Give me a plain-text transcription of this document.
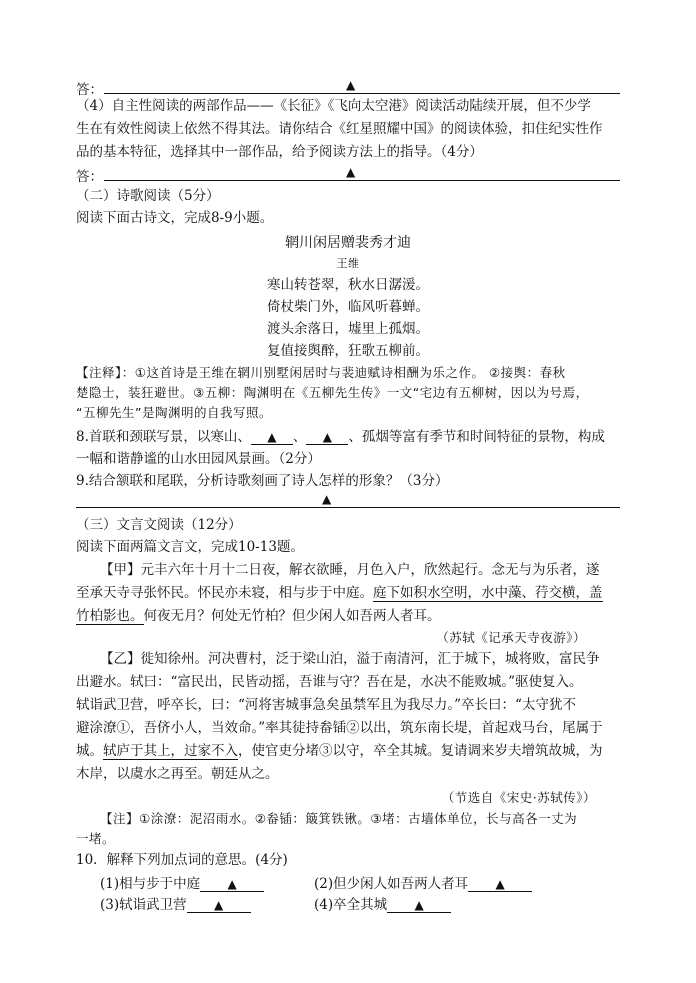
答：	▲
（4）自主性阅读的两部作品——《长征》《飞向太空港》阅读活动陆续开展，但不少学
生在有效性阅读上依然不得其法。请你结合《红星照耀中国》的阅读体验，扣住纪实性作
品的基本特征，选择其中一部作品，给予阅读方法上的指导。（4分）
答：	▲
（二）诗歌阅读（5分）
阅读下面古诗文，完成8-9小题。
辋川闲居赠裴秀才迪
王维
寒山转苍翠，秋水日潺湲。
倚杖柴门外，临风听暮蝉。
渡头余落日，墟里上孤烟。
复值接舆醉，狂歌五柳前。
【注释】：①这首诗是王维在辋川别墅闲居时与裴迪赋诗相酬为乐之作。 ②接舆：春秋
楚隐士，装狂避世。③五柳：陶渊明在《五柳先生传》一文“宅边有五柳树，因以为号焉，
“五柳先生”是陶渊明的自我写照。
8.首联和颈联写景，以寒山、 ▲ 、 ▲ 、孤烟等富有季节和时间特征的景物，构成
一幅和谐静谧的山水田园风景画。（2分）
9.结合颔联和尾联，分析诗歌刻画了诗人怎样的形象？（3分）
▲
（三）文言文阅读（12分）
阅读下面两篇文言文，完成10-13题。
【甲】元丰六年十月十二日夜，解衣欲睡，月色入户，欣然起行。念无与为乐者，遂
至承天寺寻张怀民。怀民亦未寝，相与步于中庭。庭下如积水空明，水中藻、荇交横，盖
竹柏影也。何夜无月？何处无竹柏？但少闲人如吾两人者耳。
（苏轼《记承天寺夜游》）
【乙】徙知徐州。河决曹村，泛于梁山泊，溢于南清河，汇于城下，城将败，富民争
出避水。轼曰：“富民出，民皆动摇，吾谁与守？吾在是，水决不能败城。”驱使复入。
轼诣武卫营，呼卒长，曰：“河将害城事急矣虽禁军且为我尽力。”卒长曰：“太守犹不
避涂潦①，吾侪小人，当效命。”率其徒持畚锸②以出，筑东南长堤，首起戏马台，尾属于
城。轼庐于其上，过家不入，使官吏分堵③以守，卒全其城。复请调来岁夫增筑故城，为
木岸，以虞水之再至。朝廷从之。
（节选自《宋史·苏轼传》）
【注】①涂潦：泥沼雨水。②畚锸：簸箕铁锹。③堵：古墙体单位，长与高各一丈为
一堵。
10．解释下列加点词的意思。(4分)
(1)相与步于中庭 ▲	(2)但少闲人如吾两人者耳 ▲
(3)轼诣武卫营 ▲	(4)卒全其城 ▲
